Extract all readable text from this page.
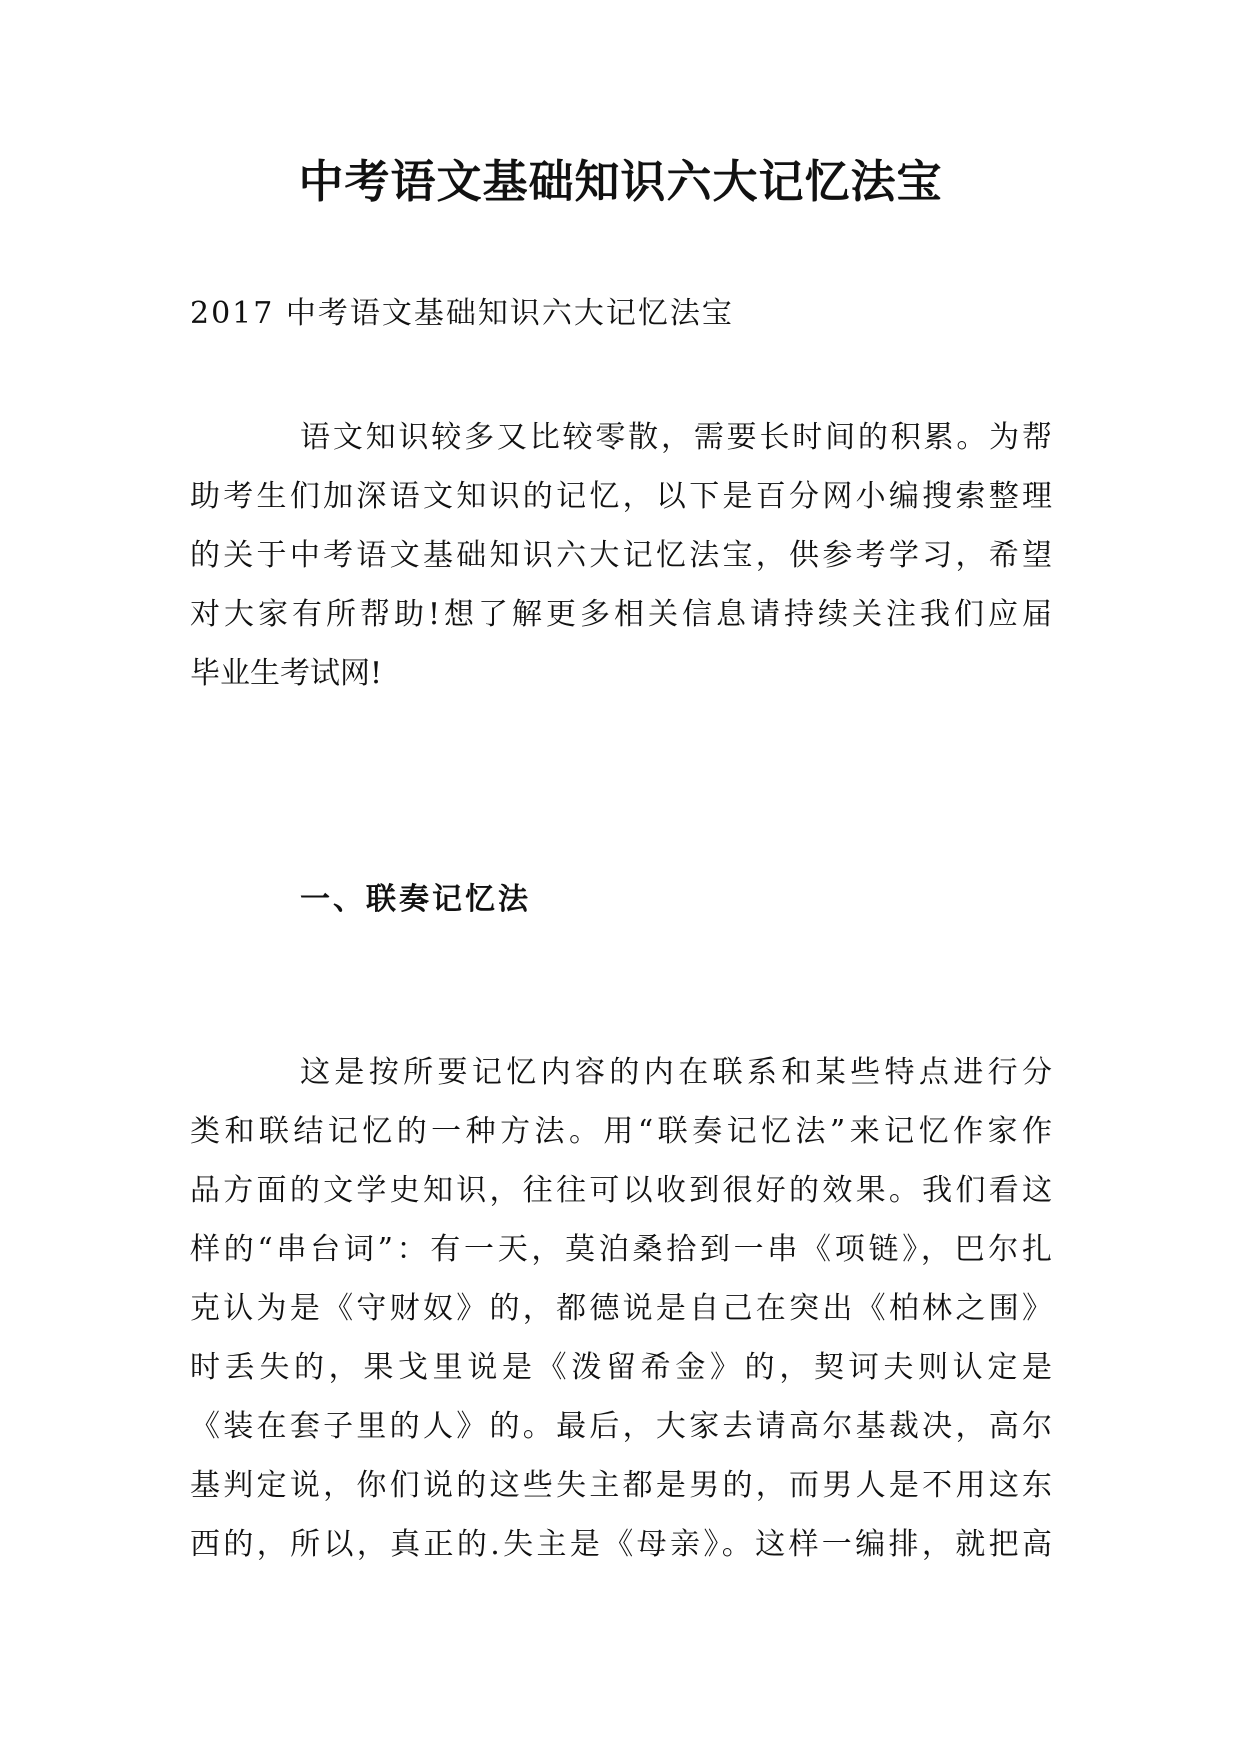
中考语文基础知识六大记忆法宝

2017 中考语文基础知识六大记忆法宝

语文知识较多又比较零散，需要长时间的积累。为帮
助考生们加深语文知识的记忆，以下是百分网小编搜索整理
的关于中考语文基础知识六大记忆法宝，供参考学习，希望
对大家有所帮助!想了解更多相关信息请持续关注我们应届
毕业生考试网!
一、联奏记忆法
这是按所要记忆内容的内在联系和某些特点进行分
类和联结记忆的一种方法。用“联奏记忆法”来记忆作家作
品方面的文学史知识，往往可以收到很好的效果。我们看这
样的“串台词”：有一天，莫泊桑拾到一串《项链》，巴尔扎
克认为是《守财奴》的，都德说是自己在突出《柏林之围》
时丢失的，果戈里说是《泼留希金》的，契诃夫则认定是
《装在套子里的人》的。最后，大家去请高尔基裁决，高尔
基判定说，你们说的这些失主都是男的，而男人是不用这东
西的，所以，真正的.失主是《母亲》。这样一编排，就把高
